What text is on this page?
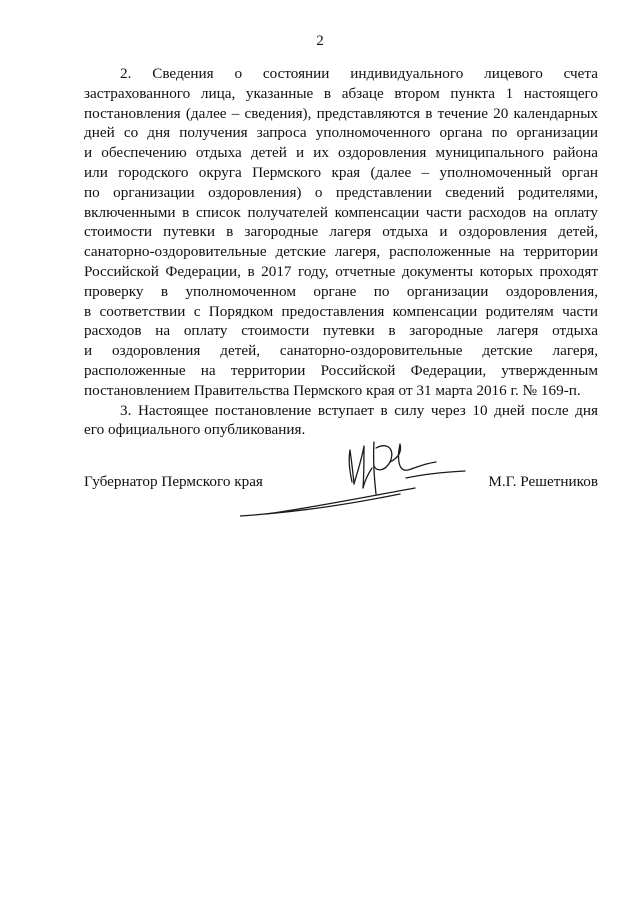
2
2. Сведения о состоянии индивидуального лицевого счета
застрахованного лица, указанные в абзаце втором пункта 1 настоящего
постановления (далее – сведения), представляются в течение 20 календарных
дней со дня получения запроса уполномоченного органа по организации
и обеспечению отдыха детей и их оздоровления муниципального района
или городского округа Пермского края (далее – уполномоченный орган
по организации оздоровления) о представлении сведений родителями,
включенными в список получателей компенсации части расходов на оплату
стоимости путевки в загородные лагеря отдыха и оздоровления детей,
санаторно-оздоровительные детские лагеря, расположенные на территории
Российской Федерации, в 2017 году, отчетные документы которых проходят
проверку в уполномоченном органе по организации оздоровления,
в соответствии с Порядком предоставления компенсации родителям части
расходов на оплату стоимости путевки в загородные лагеря отдыха
и оздоровления детей, санаторно-оздоровительные детские лагеря,
расположенные на территории Российской Федерации, утвержденным
постановлением Правительства Пермского края от 31 марта 2016 г. № 169-п.
3. Настоящее постановление вступает в силу через 10 дней после дня
его официального опубликования.
Губернатор Пермского края	М.Г. Решетников
